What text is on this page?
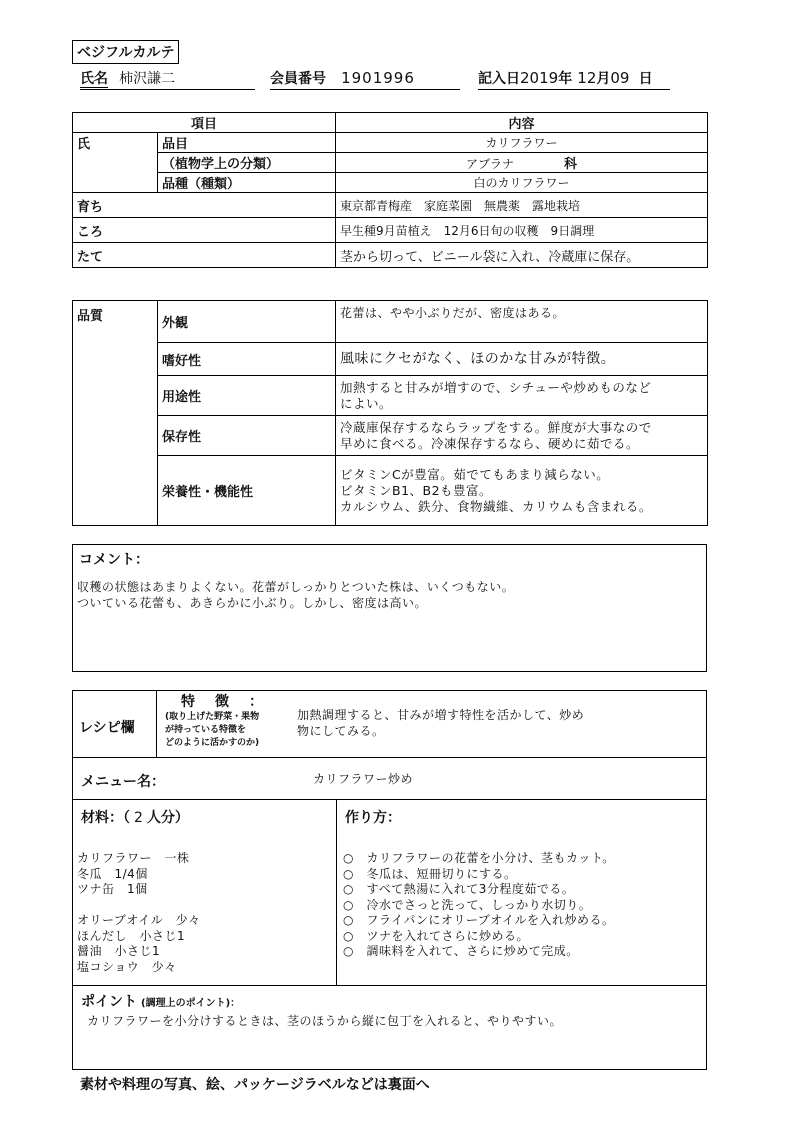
ベジフルカルテ
氏名 柿沢謙二	会員番号 1901996	記入日2019年 12月09 日
項目		内容
氏	品目	カリフラワー
	（植物学上の分類）	アブラナ 科
	品種（種類）	白のカリフラワー
育ち		東京都青梅産　家庭菜園　無農薬　露地栽培
ころ		早生種9月苗植え　12月6日旬の収穫　9日調理
たて		茎から切って、ビニール袋に入れ、冷蔵庫に保存。
品質	外観	花蕾は、やや小ぶりだが、密度はある。
	嗜好性	風味にクセがなく、ほのかな甘みが特徴。
	用途性	加熱すると甘みが増すので、シチューや炒めものなど
によい。
	保存性	冷蔵庫保存するならラップをする。鮮度が大事なので
早めに食べる。冷凍保存するなら、硬めに茹でる。
	栄養性・機能性	ビタミンCが豊富。茹でてもあまり減らない。
ビタミンB1、B2も豊富。
カルシウム、鉄分、食物繊維、カリウムも含まれる。
コメント：
収穫の状態はあまりよくない。花蕾がしっかりとついた株は、いくつもない。
ついている花蕾も、あきらかに小ぶり。しかし、密度は高い。
レシピ欄
特　徴　：
(取り上げた野菜・果物
が持っている特徴を
どのように活かすのか)
加熱調理すると、甘みが増す特性を活かして、炒め
物にしてみる。
メニュー名：	カリフラワー炒め
材料：（ 2 人分）
カリフラワー　一株
冬瓜　1/4個
ツナ缶　1個

オリーブオイル　少々
ほんだし　小さじ1
醤油　小さじ1
塩コショウ　少々
作り方：
○　カリフラワーの花蕾を小分け、茎もカット。
○　冬瓜は、短冊切りにする。
○　すべて熱湯に入れて3分程度茹でる。
○　冷水でさっと洗って、しっかり水切り。
○　フライパンにオリーブオイルを入れ炒める。
○　ツナを入れてさらに炒める。
○　調味料を入れて、さらに炒めて完成。
ポイント (調理上のポイント)：
カリフラワーを小分けするときは、茎のほうから縦に包丁を入れると、やりやすい。
素材や料理の写真、絵、パッケージラベルなどは裏面へ
